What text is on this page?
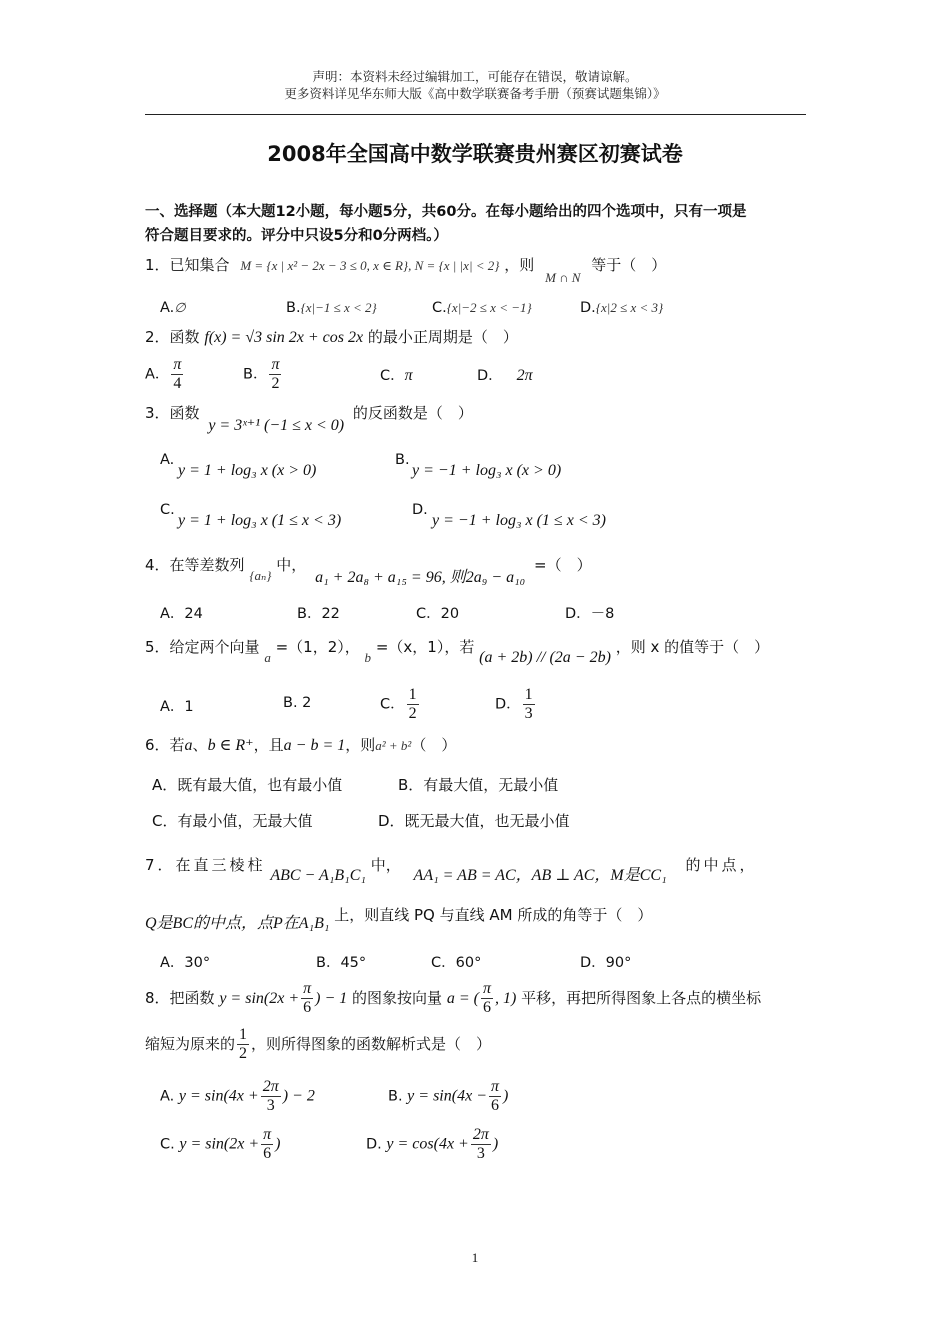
声明：本资料未经过编辑加工，可能存在错误，敬请谅解。
更多资料详见华东师大版《高中数学联赛备考手册（预赛试题集锦）》
2008年全国高中数学联赛贵州赛区初赛试卷
一、选择题（本大题12小题，每小题5分，共60分。在每小题给出的四个选项中，只有一项是
符合题目要求的。评分中只设5分和0分两档。）
1．已知集合 M = {x | x² − 2x − 3 ≤ 0, x ∈ R}, N = {x | |x| < 2} ，则 M ∩ N 等于（　）
A.∅	B.{x|−1 ≤ x < 2}	C.{x|−2 ≤ x < −1}	D.{x|2 ≤ x < 3}
2．函数 f(x) = √3 sin 2x + cos 2x 的最小正周期是（　）
A． $\frac{\pi}{4}$	B． $\frac{\pi}{2}$	C．π	D． 2π
3．函数 y = 3ˣ⁺¹ (−1 ≤ x < 0) 的反函数是（　）
A.
y = 1 + log₃ x (x > 0)
B.
y = −1 + log₃ x (x > 0)
C.
y = 1 + log₃ x (1 ≤ x < 3)
D.
y = −1 + log₃ x (1 ≤ x < 3)
4．在等差数列 {aₙ} 中， a₁ + 2a₈ + a₁₅ = 96, 则2a₉ − a₁₀ =（　）
A．24	B．22	C．20	D．－8
5．给定两个向量 a =（1，2）， b =（x，1），若 (a + 2b) // (2a − 2b) ，则 x 的值等于（　）
A．1	B. 2	C． $\frac{1}{2}$	D． $\frac{1}{3}$
6．若a、b ∈ R⁺，且a − b = 1，则a² + b²（　）
A．既有最大值，也有最小值	B．有最大值，无最小值
C．有最小值，无最大值	D．既无最大值，也无最小值
7．在直三棱柱 ABC − A₁B₁C₁ 中， AA₁ = AB = AC，AB ⊥ AC，M是CC₁ 的中点，
Q是BC的中点，点P在A₁B₁ 上，则直线 PQ 与直线 AM 所成的角等于（　）
A．30°	B．45°	C．60°	D．90°
8．把函数 $y = \sin(2x + \frac{\pi}{6}$ ) − 1 的图象按向量 a = ( $\frac{\pi}{6}$ , 1) 平移，再把所得图象上各点的横坐标
缩短为原来的 $\frac{1}{2}$ ，则所得图象的函数解析式是（　）
A. $y = \sin(4x + \frac{2\pi}{3}$ ) − 2	B. $y = \sin(4x - \frac{\pi}{6}$ )
C. $y = \sin(2x + \frac{\pi}{6}$ )	D. $y = \cos(4x + \frac{2\pi}{3}$ )
1
